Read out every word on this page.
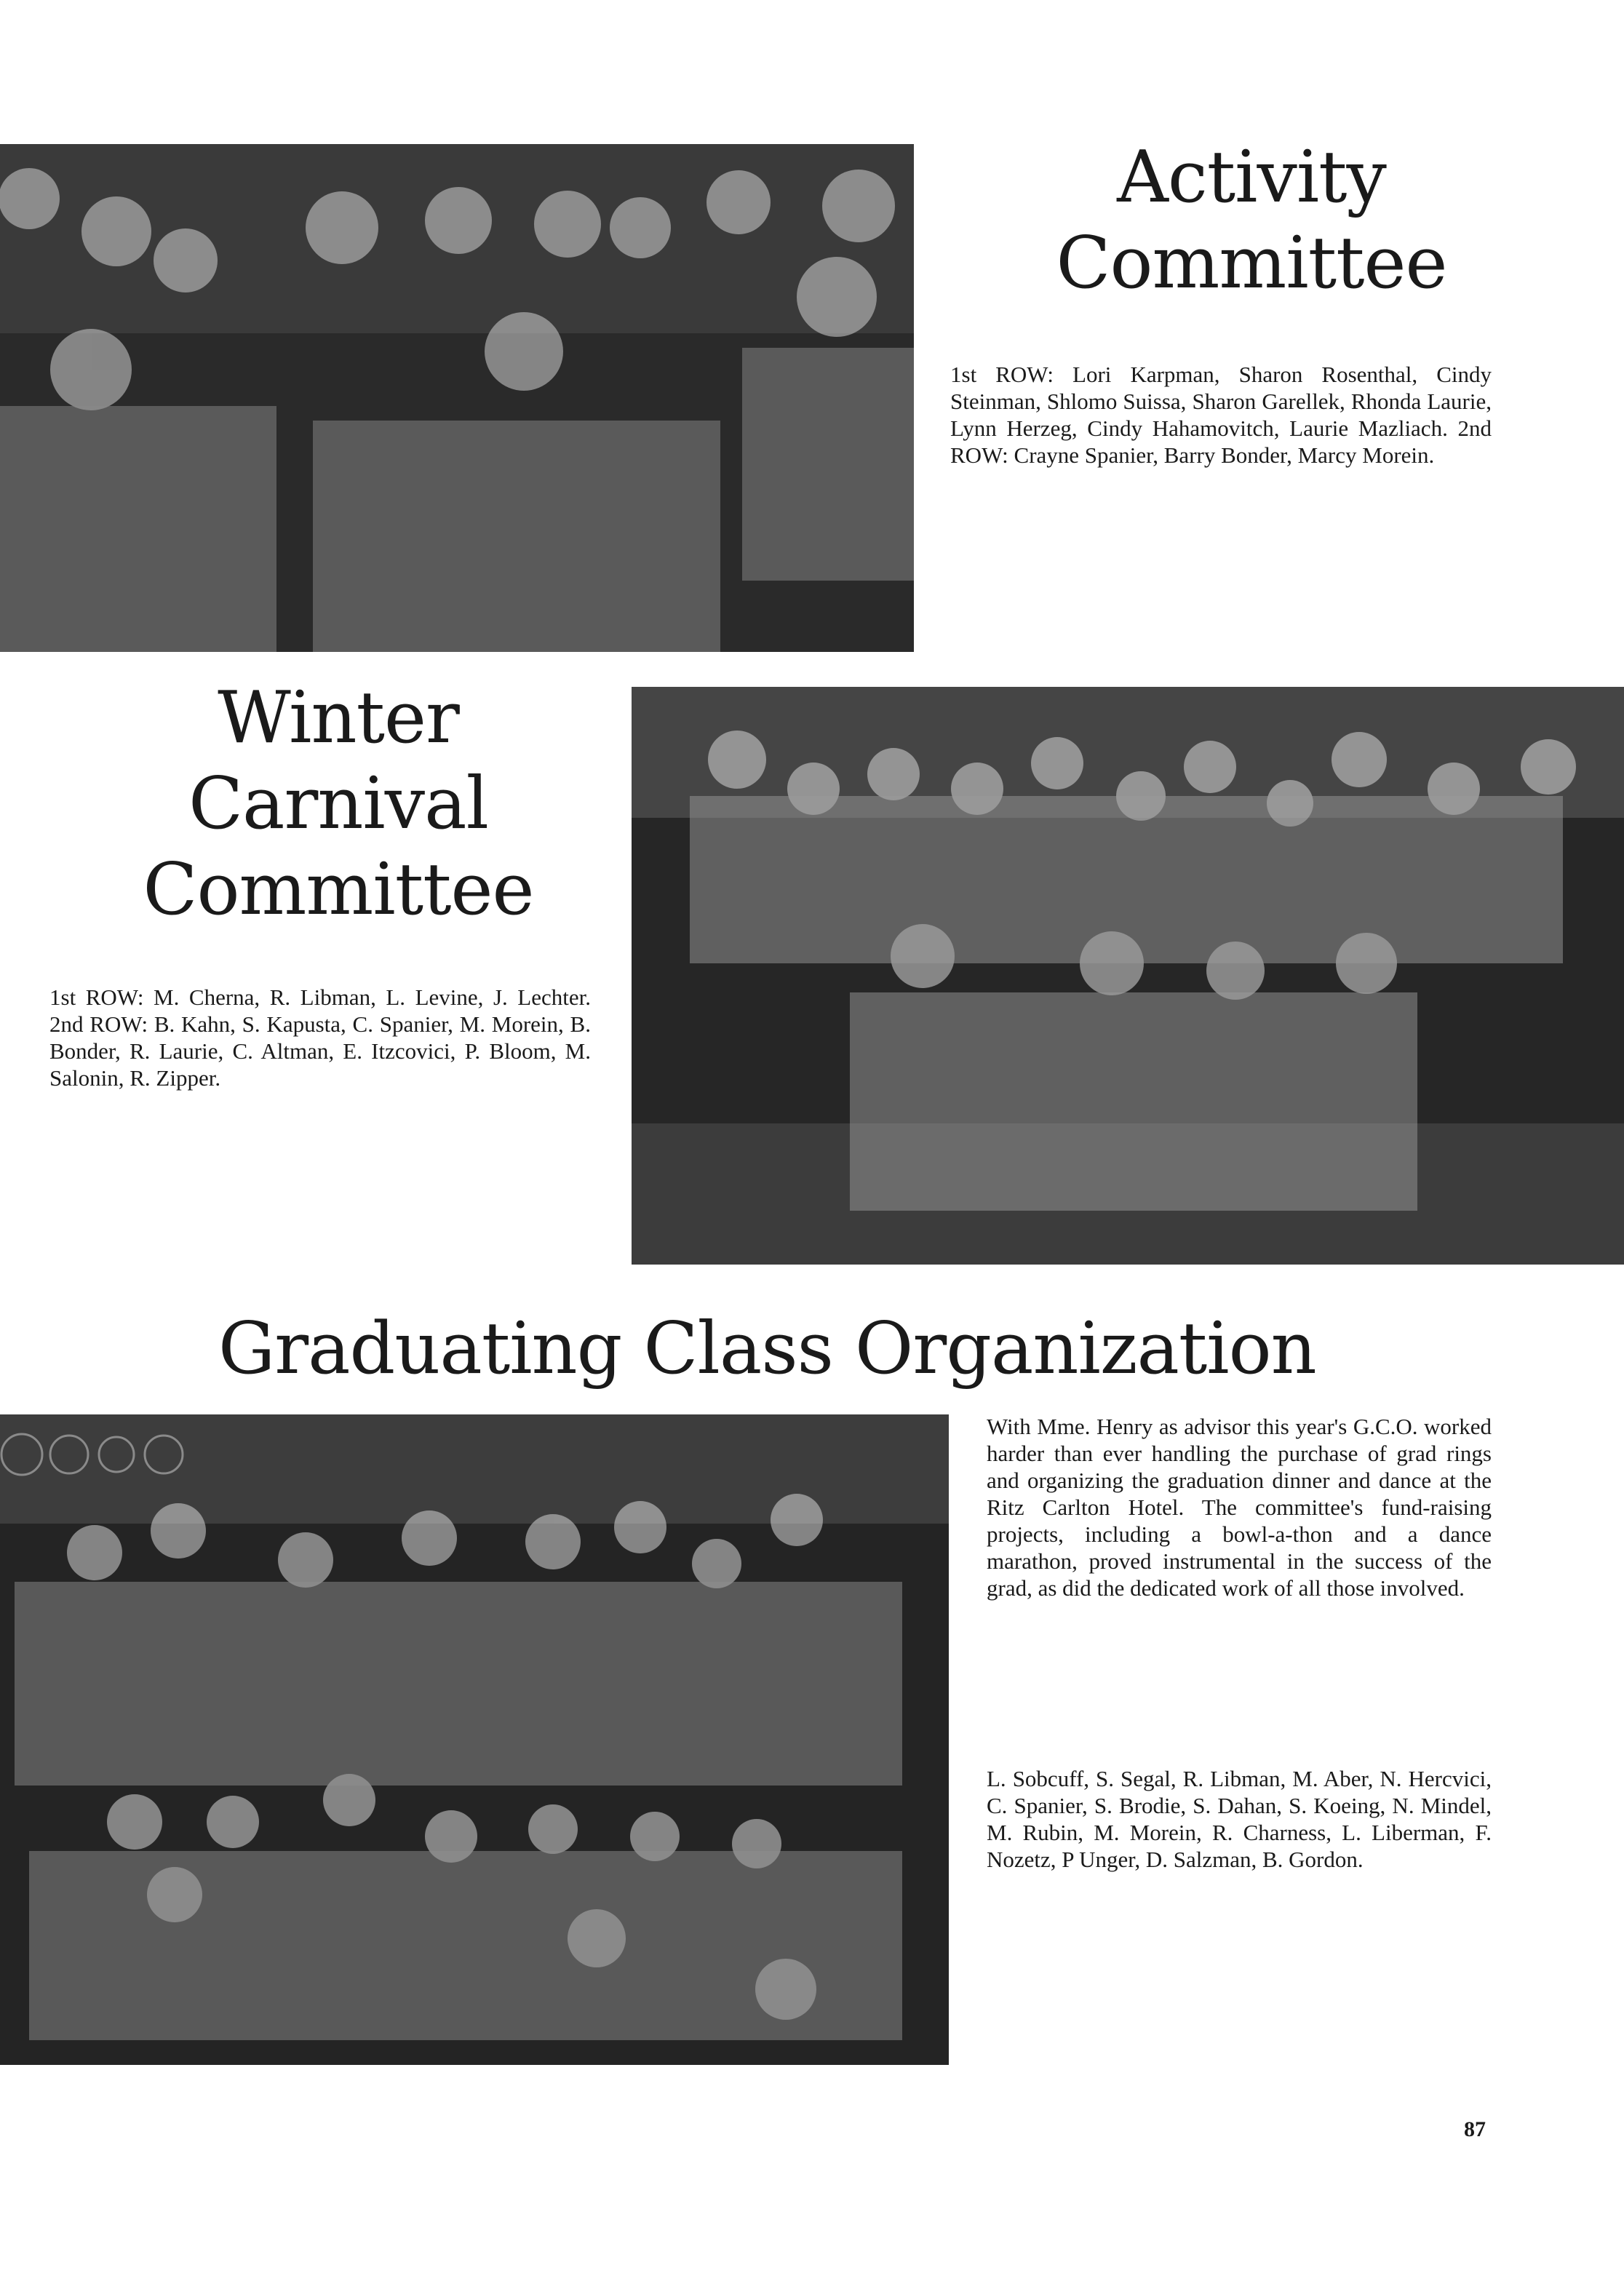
Activity
Committee

1st ROW: Lori Karpman, Sharon Rosenthal, Cindy Steinman, Shlomo Suissa, Sharon Garellek, Rhonda Laurie, Lynn Herzeg, Cindy Hahamovitch, Laurie Mazliach. 2nd ROW: Crayne Spanier, Barry Bonder, Marcy Morein.

Winter
Carnival
Committee

1st ROW: M. Cherna, R. Libman, L. Levine, J. Lechter. 2nd ROW: B. Kahn, S. Kapusta, C. Spanier, M. Morein, B. Bonder, R. Laurie, C. Altman, E. Itzcovici, P. Bloom, M. Salonin, R. Zipper.

Graduating Class Organization

With Mme. Henry as advisor this year's G.C.O. worked harder than ever handling the purchase of grad rings and organizing the graduation dinner and dance at the Ritz Carlton Hotel. The committee's fund-raising projects, including a bowl-a-thon and a dance marathon, proved instrumental in the success of the grad, as did the dedicated work of all those involved.

L. Sobcuff, S. Segal, R. Libman, M. Aber, N. Hercvici, C. Spanier, S. Brodie, S. Dahan, S. Koeing, N. Mindel, M. Rubin, M. Morein, R. Charness, L. Liberman, F. Nozetz, P Unger, D. Salzman, B. Gordon.

87
